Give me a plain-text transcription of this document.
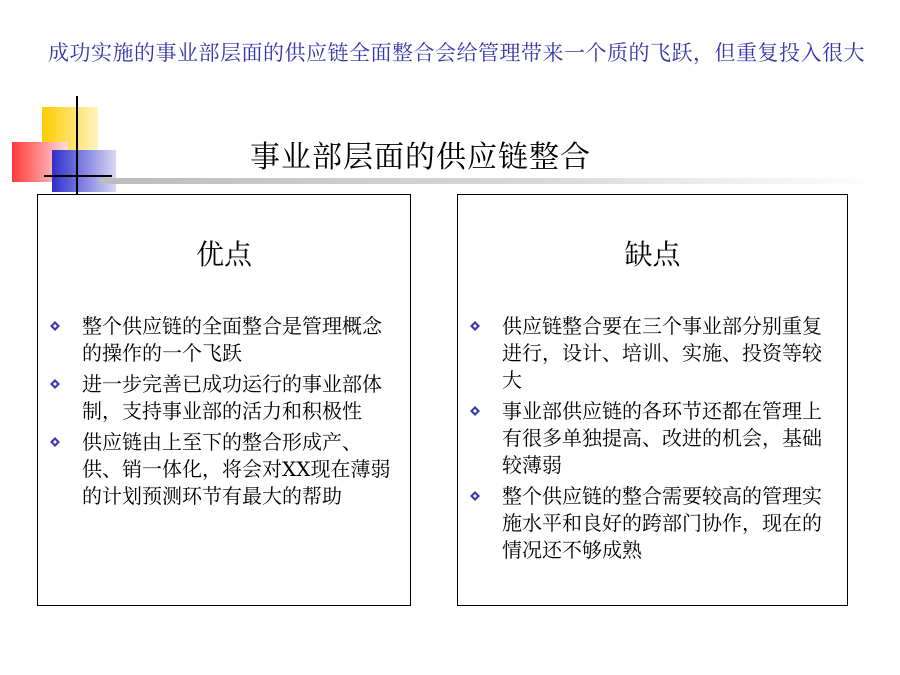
成功实施的事业部层面的供应链全面整合会给管理带来一个质的飞跃，但重复投入很大
事业部层面的供应链整合
优点
整个供应链的全面整合是管理概念的操作的一个飞跃
进一步完善已成功运行的事业部体制，支持事业部的活力和积极性
供应链由上至下的整合形成产、供、销一体化，将会对XX现在薄弱的计划预测环节有最大的帮助
缺点
供应链整合要在三个事业部分别重复进行，设计、培训、实施、投资等较大
事业部供应链的各环节还都在管理上有很多单独提高、改进的机会，基础较薄弱
整个供应链的整合需要较高的管理实施水平和良好的跨部门协作，现在的情况还不够成熟
